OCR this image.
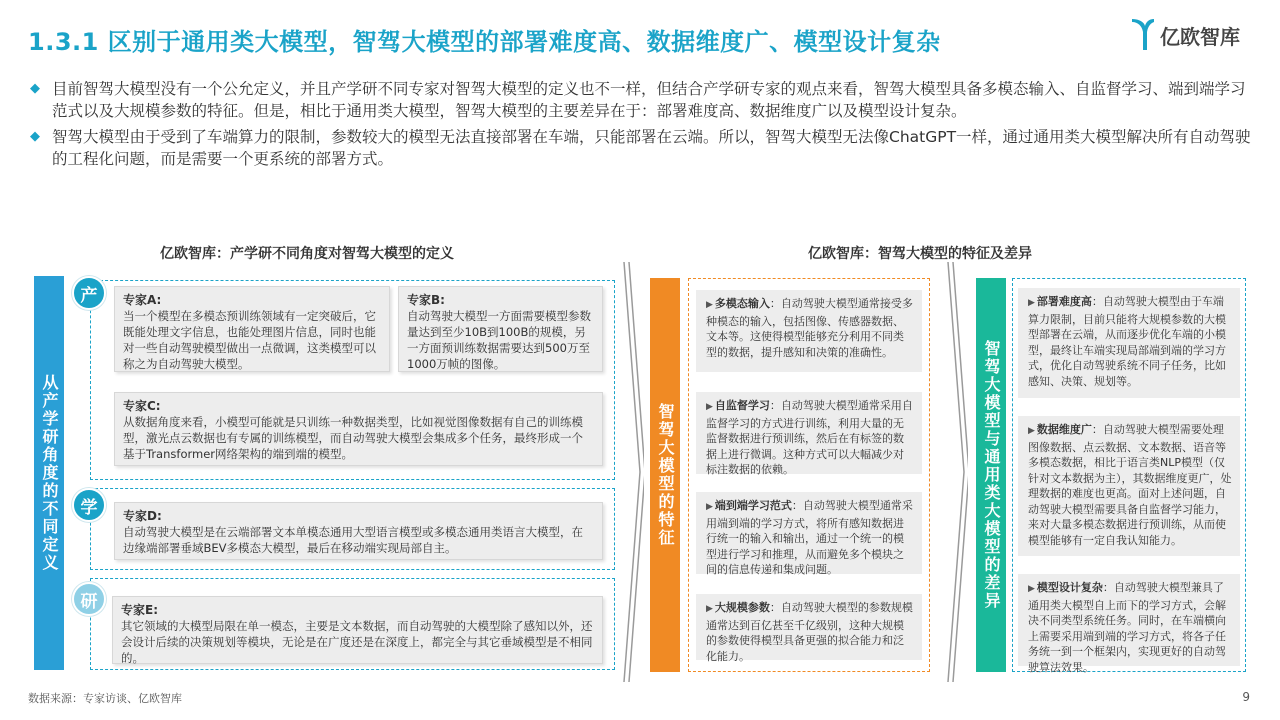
1.3.1 区别于通用类大模型，智驾大模型的部署难度高、数据维度广、模型设计复杂	亿欧智库
◆ 目前智驾大模型没有一个公允定义，并且产学研不同专家对智驾大模型的定义也不一样，但结合产学研专家的观点来看，智驾大模型具备多模态输入、自监督学习、端到端学习范式以及大规模参数的特征。但是，相比于通用类大模型，智驾大模型的主要差异在于：部署难度高、数据维度广以及模型设计复杂。
◆ 智驾大模型由于受到了车端算力的限制，参数较大的模型无法直接部署在车端，只能部署在云端。所以，智驾大模型无法像ChatGPT一样，通过通用类大模型解决所有自动驾驶的工程化问题，而是需要一个更系统的部署方式。
亿欧智库：产学研不同角度对智驾大模型的定义
从产学研角度的不同定义
产
学
研
专家A:
当一个模型在多模态预训练领域有一定突破后，它既能处理文字信息，也能处理图片信息，同时也能对一些自动驾驶模型做出一点微调，这类模型可以称之为自动驾驶大模型。
专家B:
自动驾驶大模型一方面需要模型参数量达到至少10B到100B的规模，另一方面预训练数据需要达到500万至1000万帧的图像。
专家C:
从数据角度来看，小模型可能就是只训练一种数据类型，比如视觉图像数据有自己的训练模型，激光点云数据也有专属的训练模型，而自动驾驶大模型会集成多个任务，最终形成一个基于Transformer网络架构的端到端的模型。
专家D:
自动驾驶大模型是在云端部署文本单模态通用大型语言模型或多模态通用类语言大模型，在边缘端部署垂域BEV多模态大模型，最后在移动端实现局部自主。
专家E:
其它领域的大模型局限在单一模态，主要是文本数据，而自动驾驶的大模型除了感知以外，还会设计后续的决策规划等模块，无论是在广度还是在深度上，都完全与其它垂域模型是不相同的。
亿欧智库：智驾大模型的特征及差异
智驾大模型的特征
▶ 多模态输入：自动驾驶大模型通常接受多种模态的输入，包括图像、传感器数据、文本等。这使得模型能够充分利用不同类型的数据，提升感知和决策的准确性。
▶ 自监督学习：自动驾驶大模型通常采用自监督学习的方式进行训练，利用大量的无监督数据进行预训练，然后在有标签的数据上进行微调。这种方式可以大幅减少对标注数据的依赖。
▶ 端到端学习范式：自动驾驶大模型通常采用端到端的学习方式，将所有感知数据进行统一的输入和输出，通过一个统一的模型进行学习和推理，从而避免多个模块之间的信息传递和集成问题。
▶ 大规模参数：自动驾驶大模型的参数规模通常达到百亿甚至千亿级别，这种大规模的参数使得模型具备更强的拟合能力和泛化能力。
智驾大模型与通用类大模型的差异
▶ 部署难度高：自动驾驶大模型由于车端算力限制，目前只能将大规模参数的大模型部署在云端，从而逐步优化车端的小模型，最终让车端实现局部端到端的学习方式，优化自动驾驶系统不同子任务，比如感知、决策、规划等。
▶ 数据维度广：自动驾驶大模型需要处理图像数据、点云数据、文本数据、语音等多模态数据，相比于语言类NLP模型（仅针对文本数据为主），其数据维度更广，处理数据的难度也更高。面对上述问题，自动驾驶大模型需要具备自监督学习能力，来对大量多模态数据进行预训练，从而使模型能够有一定自我认知能力。
▶ 模型设计复杂：自动驾驶大模型兼具了通用类大模型自上而下的学习方式，会解决不同类型系统任务。同时，在车端横向上需要采用端到端的学习方式，将各子任务统一到一个框架内，实现更好的自动驾驶算法效果。
数据来源：专家访谈、亿欧智库	9
